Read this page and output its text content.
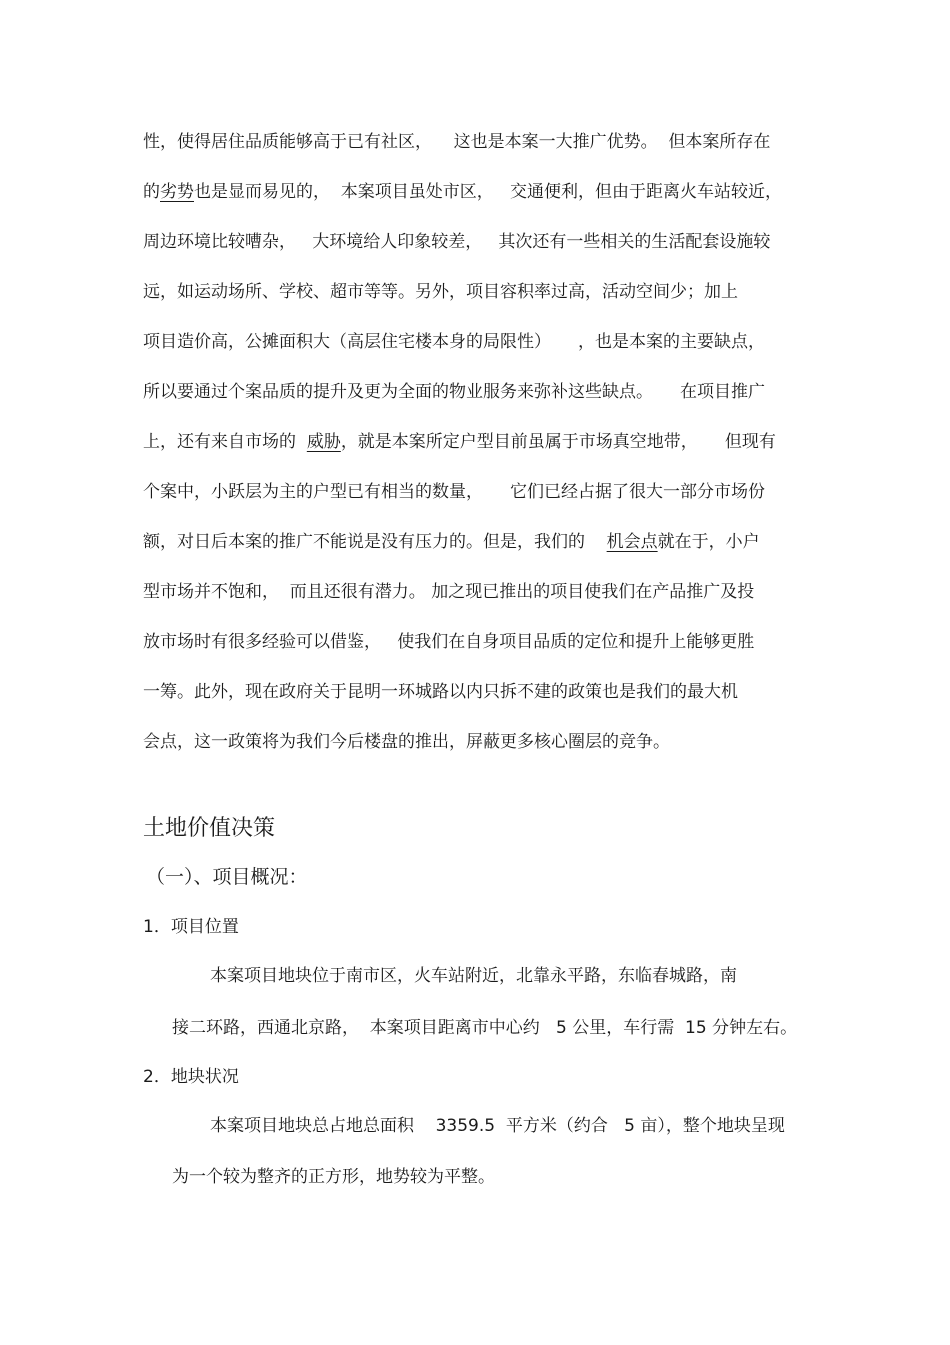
性，使得居住品质能够高于已有社区，    这也是本案一大推广优势。  但本案所存在
的劣势也是显而易见的，  本案项目虽处市区，   交通便利，但由于距离火车站较近，
周边环境比较嘈杂，   大环境给人印象较差，   其次还有一些相关的生活配套设施较
远，如运动场所、学校、超市等等。另外，项目容积率过高，活动空间少；加上
项目造价高，公摊面积大（高层住宅楼本身的局限性）     ，也是本案的主要缺点，
所以要通过个案品质的提升及更为全面的物业服务来弥补这些缺点。     在项目推广
上，还有来自市场的  威胁，就是本案所定户型目前虽属于市场真空地带，     但现有
个案中，小跃层为主的户型已有相当的数量，     它们已经占据了很大一部分市场份
额，对日后本案的推广不能说是没有压力的。但是，我们的    机会点就在于，小户
型市场并不饱和，  而且还很有潜力。 加之现已推出的项目使我们在产品推广及投
放市场时有很多经验可以借鉴，   使我们在自身项目品质的定位和提升上能够更胜
一筹。此外，现在政府关于昆明一环城路以内只拆不建的政策也是我们的最大机
会点，这一政策将为我们今后楼盘的推出，屏蔽更多核心圈层的竞争。
土地价值决策
（一）、项目概况：
1．项目位置
本案项目地块位于南市区，火车站附近，北靠永平路，东临春城路，南
接二环路，西通北京路，  本案项目距离市中心约   5 公里，车行需  15 分钟左右。
2．地块状况
本案项目地块总占地总面积    3359.5  平方米（约合   5 亩），整个地块呈现
为一个较为整齐的正方形，地势较为平整。
